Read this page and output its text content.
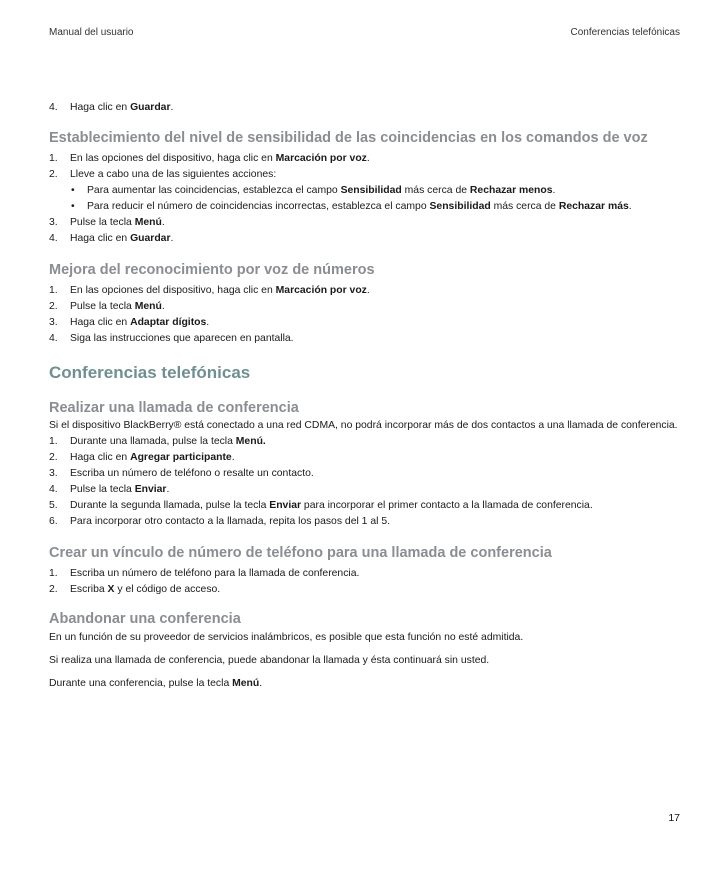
Manual del usuario	Conferencias telefónicas
4. Haga clic en Guardar.
Establecimiento del nivel de sensibilidad de las coincidencias en los comandos de voz
1. En las opciones del dispositivo, haga clic en Marcación por voz.
2. Lleve a cabo una de las siguientes acciones:
• Para aumentar las coincidencias, establezca el campo Sensibilidad más cerca de Rechazar menos.
• Para reducir el número de coincidencias incorrectas, establezca el campo Sensibilidad más cerca de Rechazar más.
3. Pulse la tecla Menú.
4. Haga clic en Guardar.
Mejora del reconocimiento por voz de números
1. En las opciones del dispositivo, haga clic en Marcación por voz.
2. Pulse la tecla Menú.
3. Haga clic en Adaptar dígitos.
4. Siga las instrucciones que aparecen en pantalla.
Conferencias telefónicas
Realizar una llamada de conferencia
Si el dispositivo BlackBerry® está conectado a una red CDMA, no podrá incorporar más de dos contactos a una llamada de conferencia.
1. Durante una llamada, pulse la tecla Menú.
2. Haga clic en Agregar participante.
3. Escriba un número de teléfono o resalte un contacto.
4. Pulse la tecla Enviar.
5. Durante la segunda llamada, pulse la tecla Enviar para incorporar el primer contacto a la llamada de conferencia.
6. Para incorporar otro contacto a la llamada, repita los pasos del 1 al 5.
Crear un vínculo de número de teléfono para una llamada de conferencia
1. Escriba un número de teléfono para la llamada de conferencia.
2. Escriba X y el código de acceso.
Abandonar una conferencia
En un función de su proveedor de servicios inalámbricos, es posible que esta función no esté admitida.
Si realiza una llamada de conferencia, puede abandonar la llamada y ésta continuará sin usted.
Durante una conferencia, pulse la tecla Menú.
17
